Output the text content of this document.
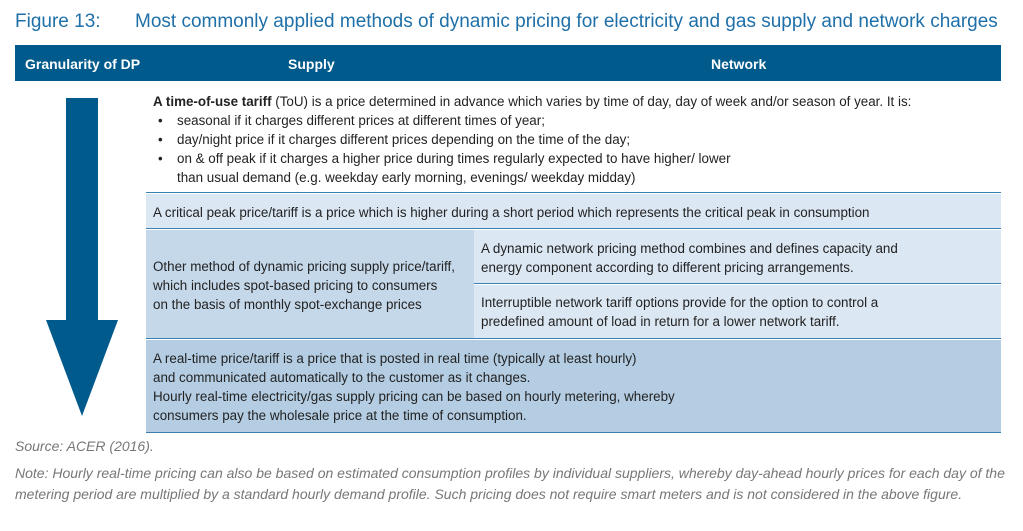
Figure 13: Most commonly applied methods of dynamic pricing for electricity and gas supply and network charges
Granularity of DP	Supply	Network
A time-of-use tariff (ToU) is a price determined in advance which varies by time of day, day of week and/or season of year. It is:
• seasonal if it charges different prices at different times of year;
• day/night price if it charges different prices depending on the time of the day;
• on & off peak if it charges a higher price during times regularly expected to have higher/ lower
than usual demand (e.g. weekday early morning, evenings/ weekday midday)
A critical peak price/tariff is a price which is higher during a short period which represents the critical peak in consumption
Other method of dynamic pricing supply price/tariff,
which includes spot-based pricing to consumers
on the basis of monthly spot-exchange prices
A dynamic network pricing method combines and defines capacity and
energy component according to different pricing arrangements.
Interruptible network tariff options provide for the option to control a
predefined amount of load in return for a lower network tariff.
A real-time price/tariff is a price that is posted in real time (typically at least hourly)
and communicated automatically to the customer as it changes.
Hourly real-time electricity/gas supply pricing can be based on hourly metering, whereby
consumers pay the wholesale price at the time of consumption.
Source: ACER (2016).
Note: Hourly real-time pricing can also be based on estimated consumption profiles by individual suppliers, whereby day-ahead hourly prices for each day of the metering period are multiplied by a standard hourly demand profile. Such pricing does not require smart meters and is not considered in the above figure.
